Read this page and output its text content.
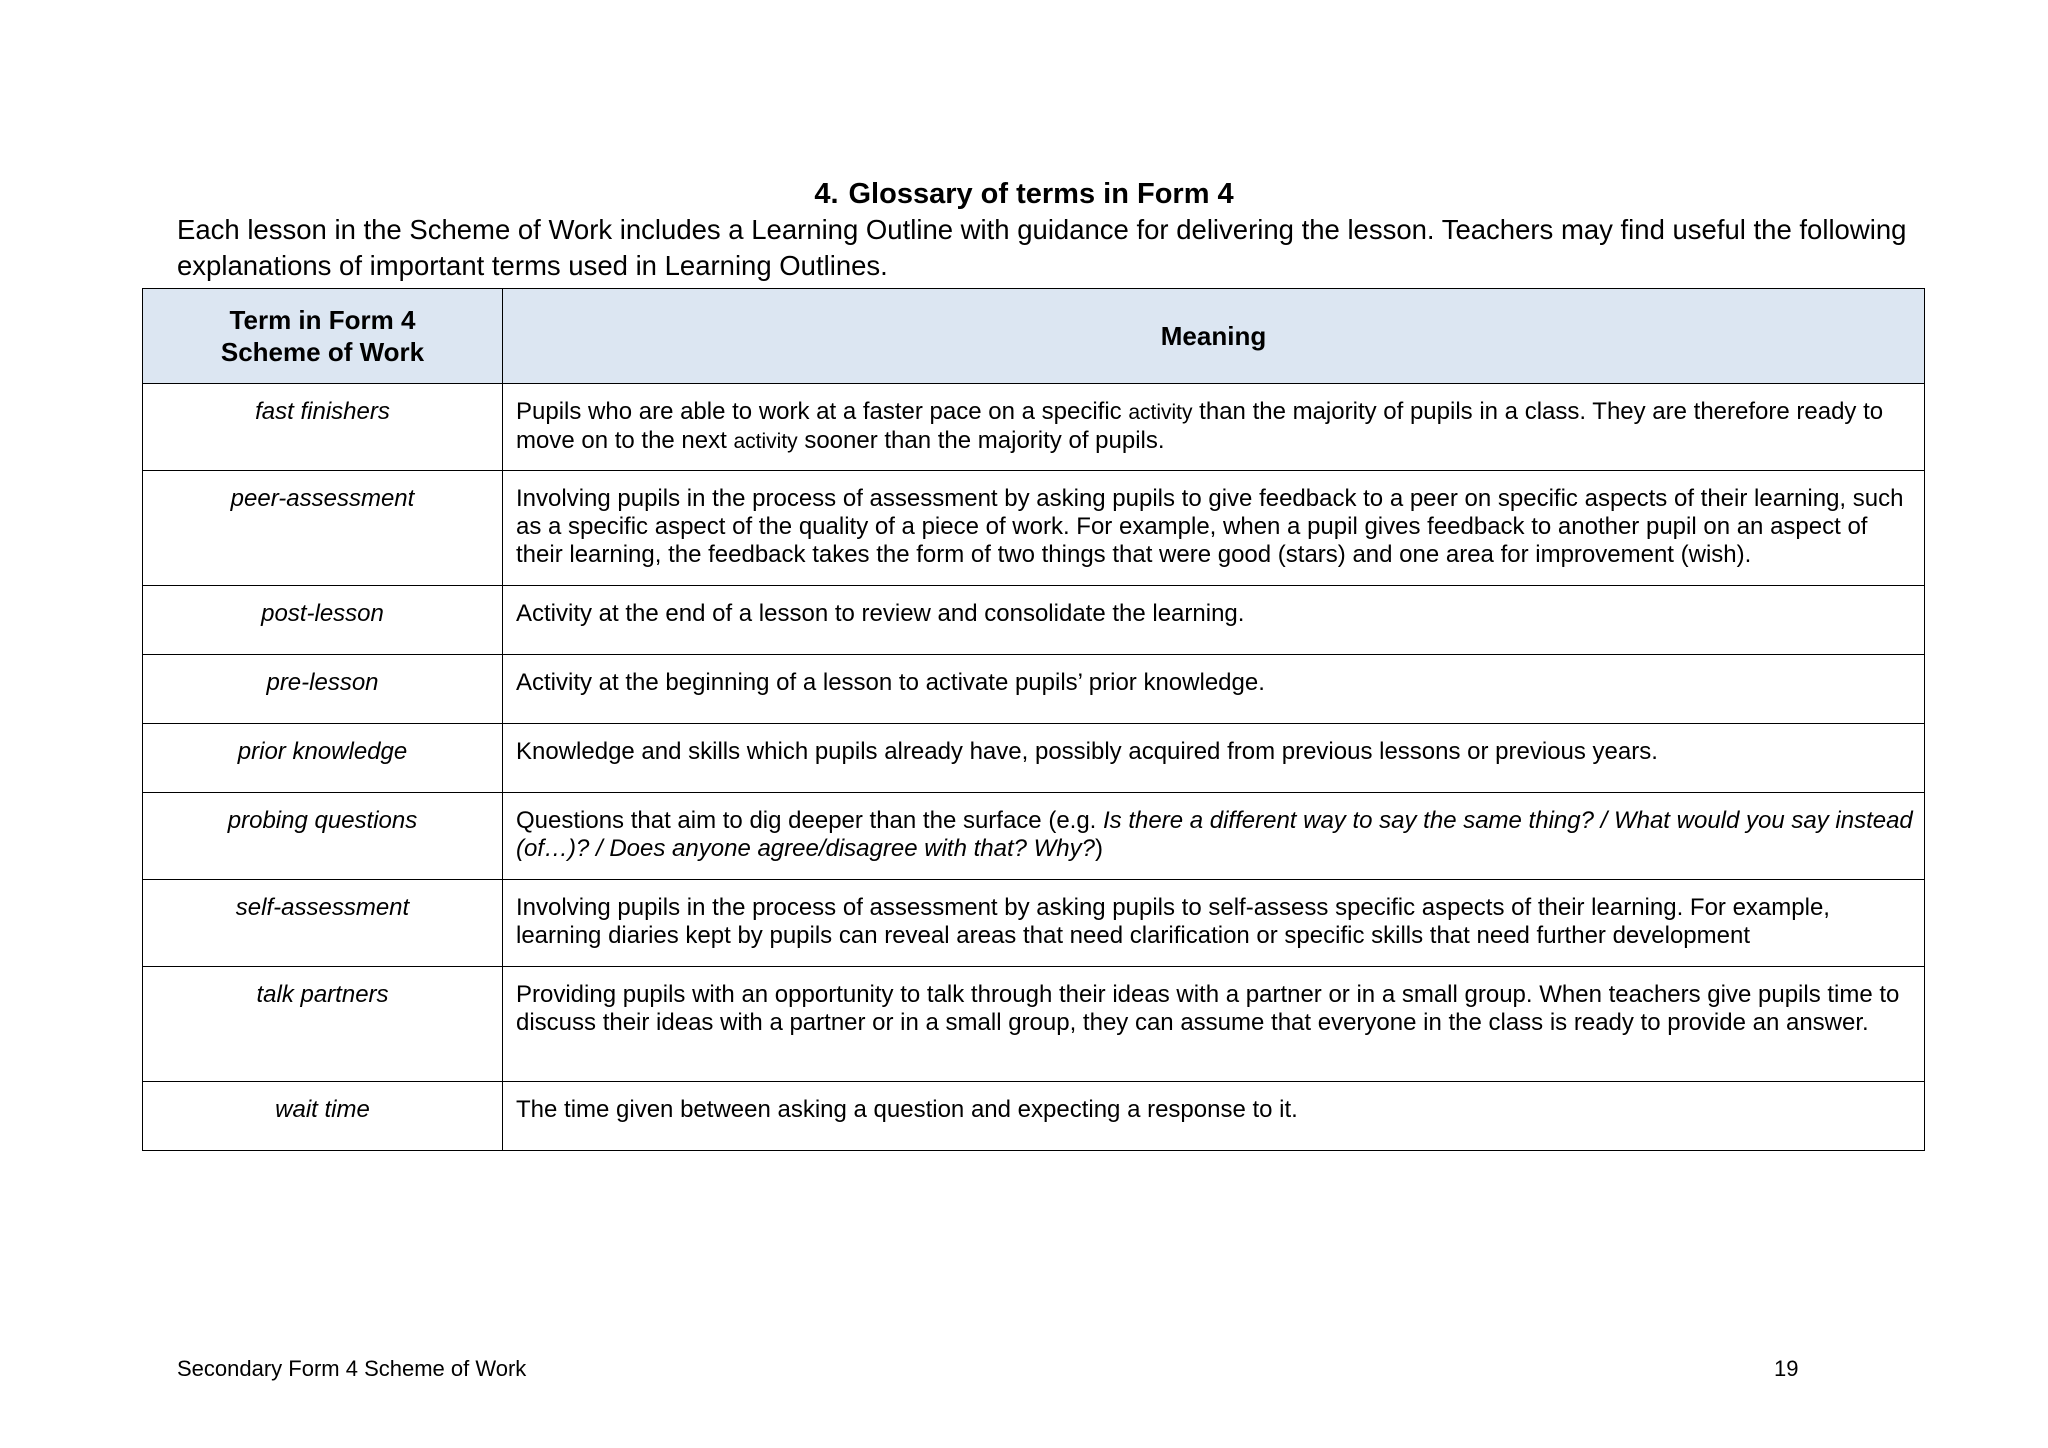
4. Glossary of terms in Form 4
Each lesson in the Scheme of Work includes a Learning Outline with guidance for delivering the lesson. Teachers may find useful the following explanations of important terms used in Learning Outlines.
Term in Form 4
Scheme of Work	Meaning
fast finishers	Pupils who are able to work at a faster pace on a specific activity than the majority of pupils in a class. They are therefore ready to move on to the next activity sooner than the majority of pupils.
peer-assessment	Involving pupils in the process of assessment by asking pupils to give feedback to a peer on specific aspects of their learning, such as a specific aspect of the quality of a piece of work. For example, when a pupil gives feedback to another pupil on an aspect of their learning, the feedback takes the form of two things that were good (stars) and one area for improvement (wish).
post-lesson	Activity at the end of a lesson to review and consolidate the learning.
pre-lesson	Activity at the beginning of a lesson to activate pupils’ prior knowledge.
prior knowledge	Knowledge and skills which pupils already have, possibly acquired from previous lessons or previous years.
probing questions	Questions that aim to dig deeper than the surface (e.g. Is there a different way to say the same thing? / What would you say instead (of…)? / Does anyone agree/disagree with that? Why?)
self-assessment	Involving pupils in the process of assessment by asking pupils to self-assess specific aspects of their learning. For example, learning diaries kept by pupils can reveal areas that need clarification or specific skills that need further development
talk partners	Providing pupils with an opportunity to talk through their ideas with a partner or in a small group. When teachers give pupils time to discuss their ideas with a partner or in a small group, they can assume that everyone in the class is ready to provide an answer.
wait time	The time given between asking a question and expecting a response to it.
Secondary Form 4 Scheme of Work	19
